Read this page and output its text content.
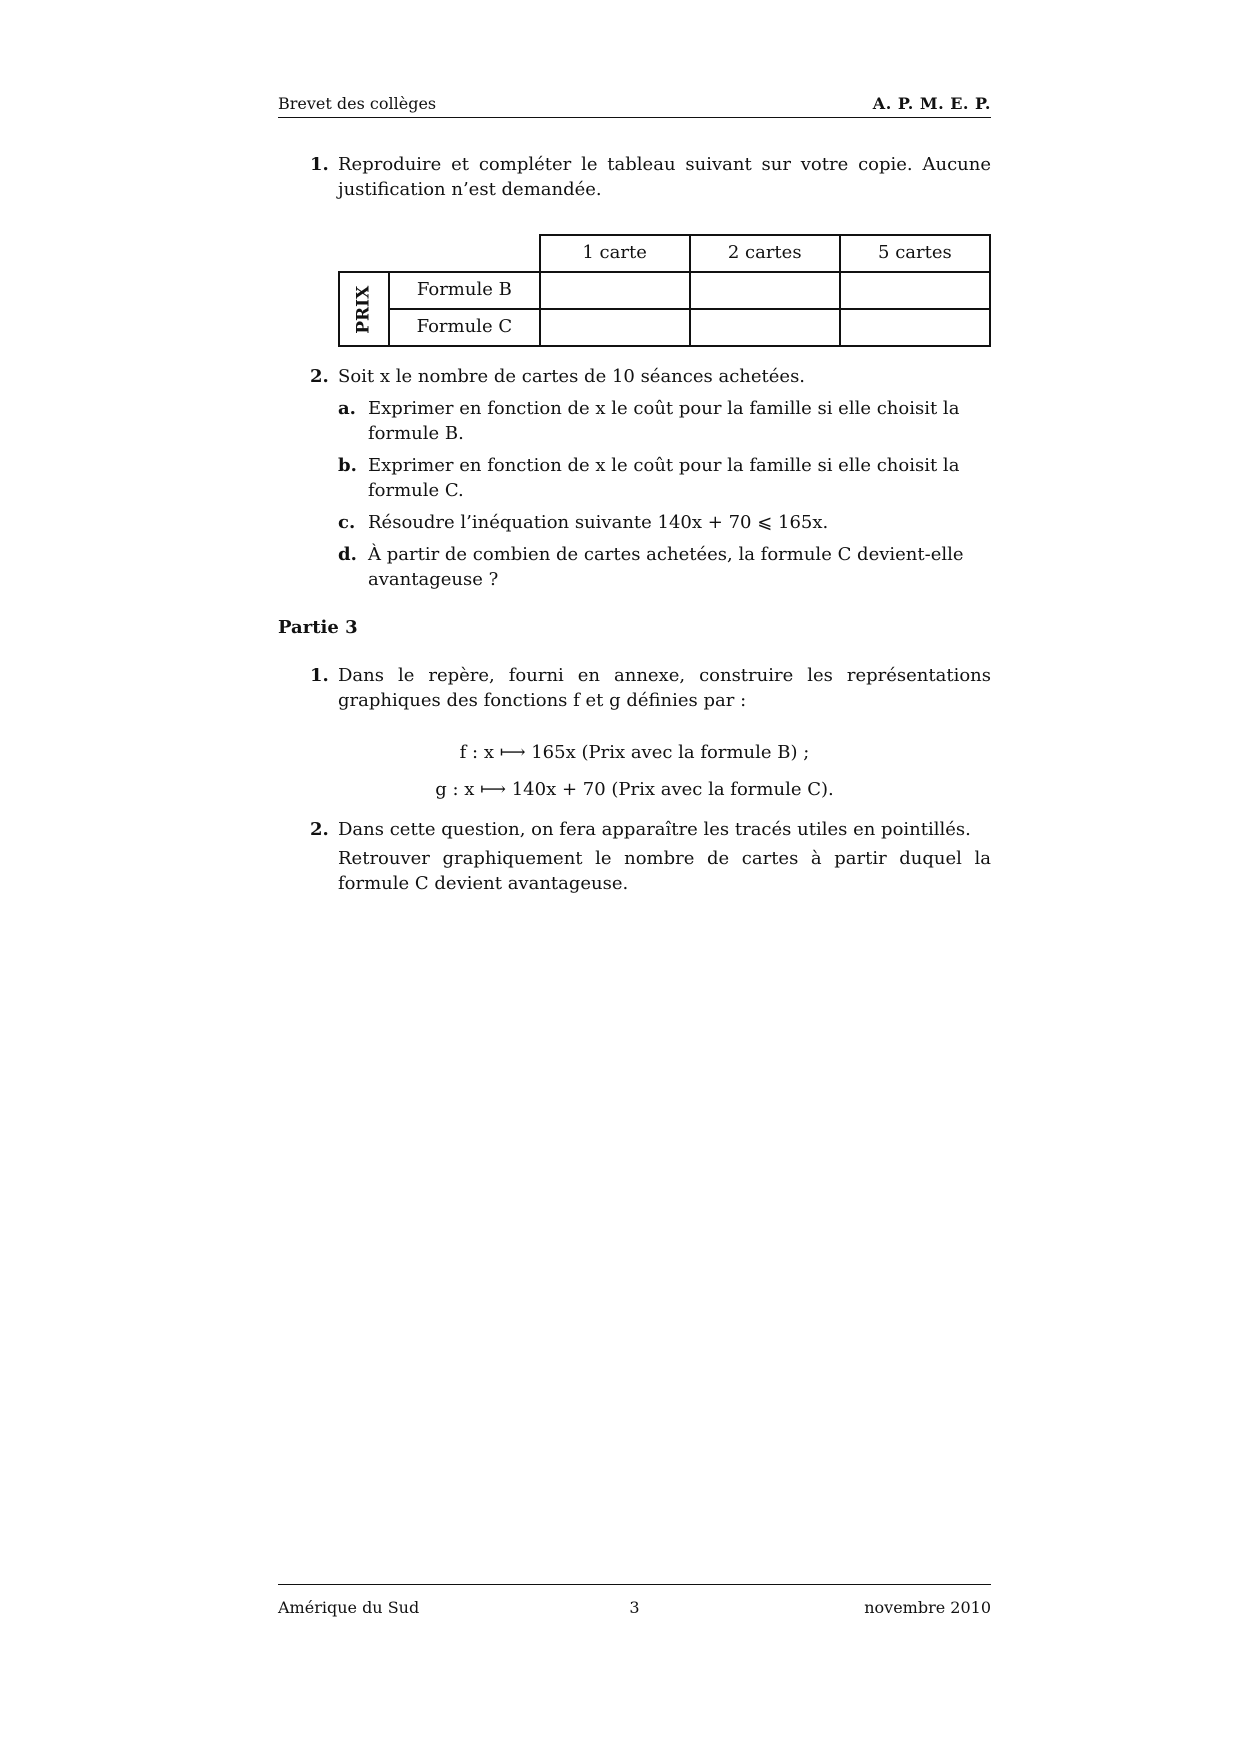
Brevet des collèges	A. P. M. E. P.
1. Reproduire et compléter le tableau suivant sur votre copie. Aucune justification n’est demandée.
		1 carte	2 cartes	5 cartes
PRIX	Formule B			
	Formule C			
2. Soit x le nombre de cartes de 10 séances achetées.
a. Exprimer en fonction de x le coût pour la famille si elle choisit la formule B.
b. Exprimer en fonction de x le coût pour la famille si elle choisit la formule C.
c. Résoudre l’inéquation suivante 140x + 70 ⩽ 165x.
d. À partir de combien de cartes achetées, la formule C devient-elle avantageuse ?
Partie 3
1. Dans le repère, fourni en annexe, construire les représentations graphiques des fonctions f et g définies par :
f : x ⟼ 165x (Prix avec la formule B) ;
g : x ⟼ 140x + 70 (Prix avec la formule C).
2. Dans cette question, on fera apparaître les tracés utiles en pointillés.
Retrouver graphiquement le nombre de cartes à partir duquel la formule C devient avantageuse.
Amérique du Sud	3	novembre 2010
